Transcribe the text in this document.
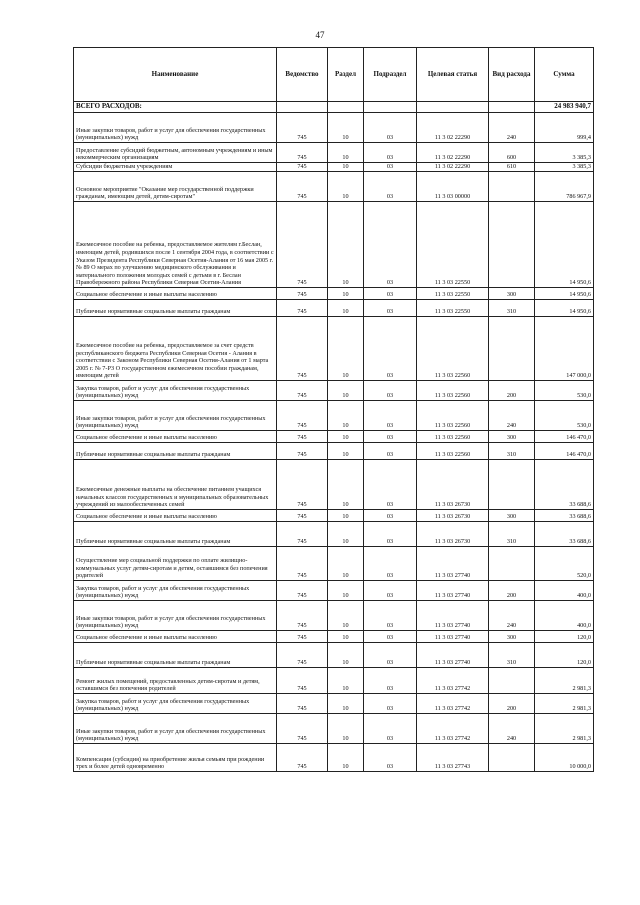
47
Наименование	Ведомство	Раздел	Подраздел	Целевая статья	Вид расхода	Сумма
ВСЕГО РАСХОДОВ:						24 983 940,7
Иные закупки товаров, работ и услуг для обеспечения государственных (муниципальных) нужд	745	10	03	11 3 02 22290	240	999,4
Предоставление субсидий бюджетным, автономным учреждениям и иным некоммерческим организациям	745	10	03	11 3 02 22290	600	3 385,3
Субсидии бюджетным учреждениям	745	10	03	11 3 02 22290	610	3 385,3
Основное мероприятие "Оказание мер государственной поддержки гражданам, имеющим детей, детям-сиротам"	745	10	03	11 3 03 00000		786 967,9
Ежемесячное пособие на ребенка, предоставляемое жителям г.Беслан, имеющим детей, родившихся после 1 сентября 2004 года, в соответствии с Указом Президента Республики Северная Осетия-Алания от 16 мая 2005 г. № 89 О мерах по улучшению медицинского обслуживания и материального положения молодых семей с детьми в г. Беслан Правобережного района Республики Северная Осетия-Алания	745	10	03	11 3 03 22550		14 950,6
Социальное обеспечение и иные выплаты населению	745	10	03	11 3 03 22550	300	14 950,6
Публичные нормативные социальные выплаты гражданам	745	10	03	11 3 03 22550	310	14 950,6
Ежемесячное пособие на ребенка, предоставляемое за счет средств республиканского бюджета Республики Северная Осетия - Алания в соответствии с Законом Республики Северная Осетия-Алания от 1 марта 2005 г. № 7-РЗ О государственном ежемесячном пособии гражданам, имеющим детей	745	10	03	11 3 03 22560		147 000,0
Закупка товаров, работ и услуг для обеспечения государственных (муниципальных) нужд	745	10	03	11 3 03 22560	200	530,0
Иные закупки товаров, работ и услуг для обеспечения государственных (муниципальных) нужд	745	10	03	11 3 03 22560	240	530,0
Социальное обеспечение и иные выплаты населению	745	10	03	11 3 03 22560	300	146 470,0
Публичные нормативные социальные выплаты гражданам	745	10	03	11 3 03 22560	310	146 470,0
Ежемесячные денежные выплаты на обеспечение питанием учащихся начальных классов государственных и муниципальных образовательных учреждений из малообеспеченных семей	745	10	03	11 3 03 26730		33 688,6
Социальное обеспечение и иные выплаты населению	745	10	03	11 3 03 26730	300	33 688,6
Публичные нормативные социальные выплаты гражданам	745	10	03	11 3 03 26730	310	33 688,6
Осуществление мер социальной поддержки по оплате жилищно-коммунальных услуг детям-сиротам и детям, оставшимся без попечения родителей	745	10	03	11 3 03 27740		520,0
Закупка товаров, работ и услуг для обеспечения государственных (муниципальных) нужд	745	10	03	11 3 03 27740	200	400,0
Иные закупки товаров, работ и услуг для обеспечения государственных (муниципальных) нужд	745	10	03	11 3 03 27740	240	400,0
Социальное обеспечение и иные выплаты населению	745	10	03	11 3 03 27740	300	120,0
Публичные нормативные социальные выплаты гражданам	745	10	03	11 3 03 27740	310	120,0
Ремонт жилых помещений, предоставленных детям-сиротам и детям, оставшимся без попечения родителей	745	10	03	11 3 03 27742		2 981,3
Закупка товаров, работ и услуг для обеспечения государственных (муниципальных) нужд	745	10	03	11 3 03 27742	200	2 981,3
Иные закупки товаров, работ и услуг для обеспечения государственных (муниципальных) нужд	745	10	03	11 3 03 27742	240	2 981,3
Компенсация (субсидия) на приобретение жилья семьям при рождении трех и более детей одновременно	745	10	03	11 3 03 27743		10 000,0
